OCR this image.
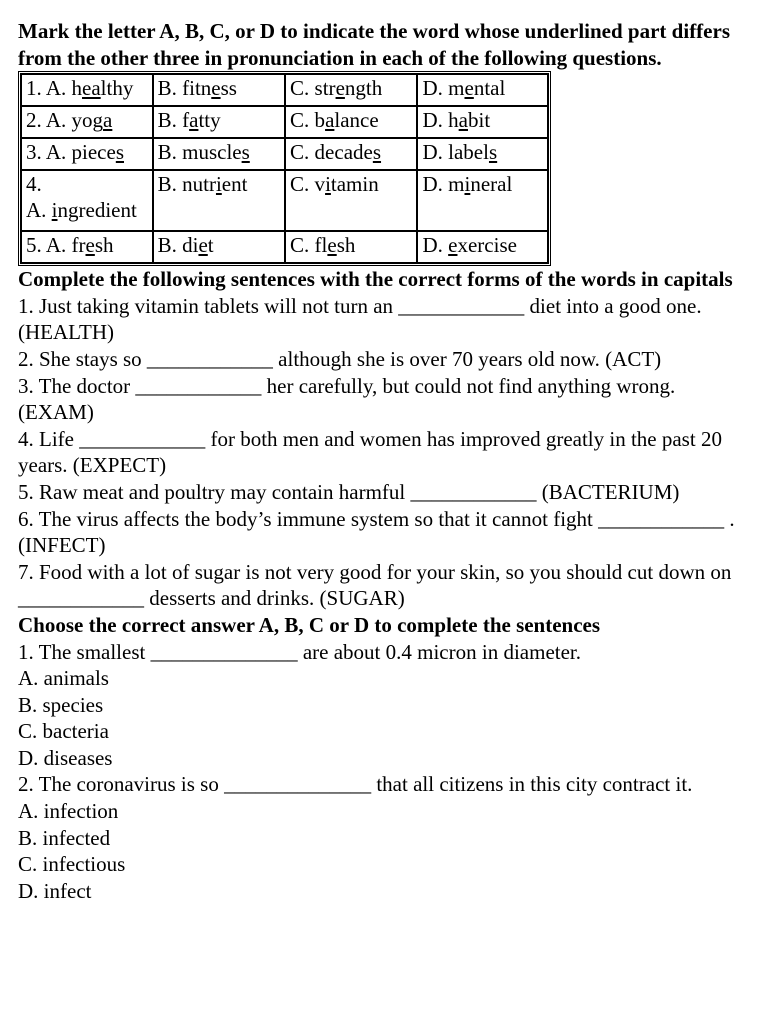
Mark the letter A, B, C, or D to indicate the word whose underlined part differs from the other three in pronunciation in each of the following questions.

1. A. healthy	B. fitness	C. strength	D. mental
2. A. yoga	B. fatty	C. balance	D. habit
3. A. pieces	B. muscles	C. decades	D. labels
4.
A. ingredient	B. nutrient	C. vitamin	D. mineral
5. A. fresh	B. diet	C. flesh	D. exercise

Complete the following sentences with the correct forms of the words in capitals

1. Just taking vitamin tablets will not turn an ____________ diet into a good one. (HEALTH)

2. She stays so ____________ although she is over 70 years old now. (ACT)

3. The doctor ____________ her carefully, but could not find anything wrong. (EXAM)

4. Life ____________ for both men and women has improved greatly in the past 20 years. (EXPECT)

5. Raw meat and poultry may contain harmful ____________ (BACTERIUM)

6. The virus affects the body’s immune system so that it cannot fight ____________ . (INFECT)

7. Food with a lot of sugar is not very good for your skin, so you should cut down on ____________ desserts and drinks. (SUGAR)

Choose the correct answer A, B, C or D to complete the sentences

1. The smallest ______________ are about 0.4 micron in diameter.

A. animals

B. species

C. bacteria

D. diseases

2. The coronavirus is so ______________ that all citizens in this city contract it.

A. infection

B. infected

C. infectious

D. infect
